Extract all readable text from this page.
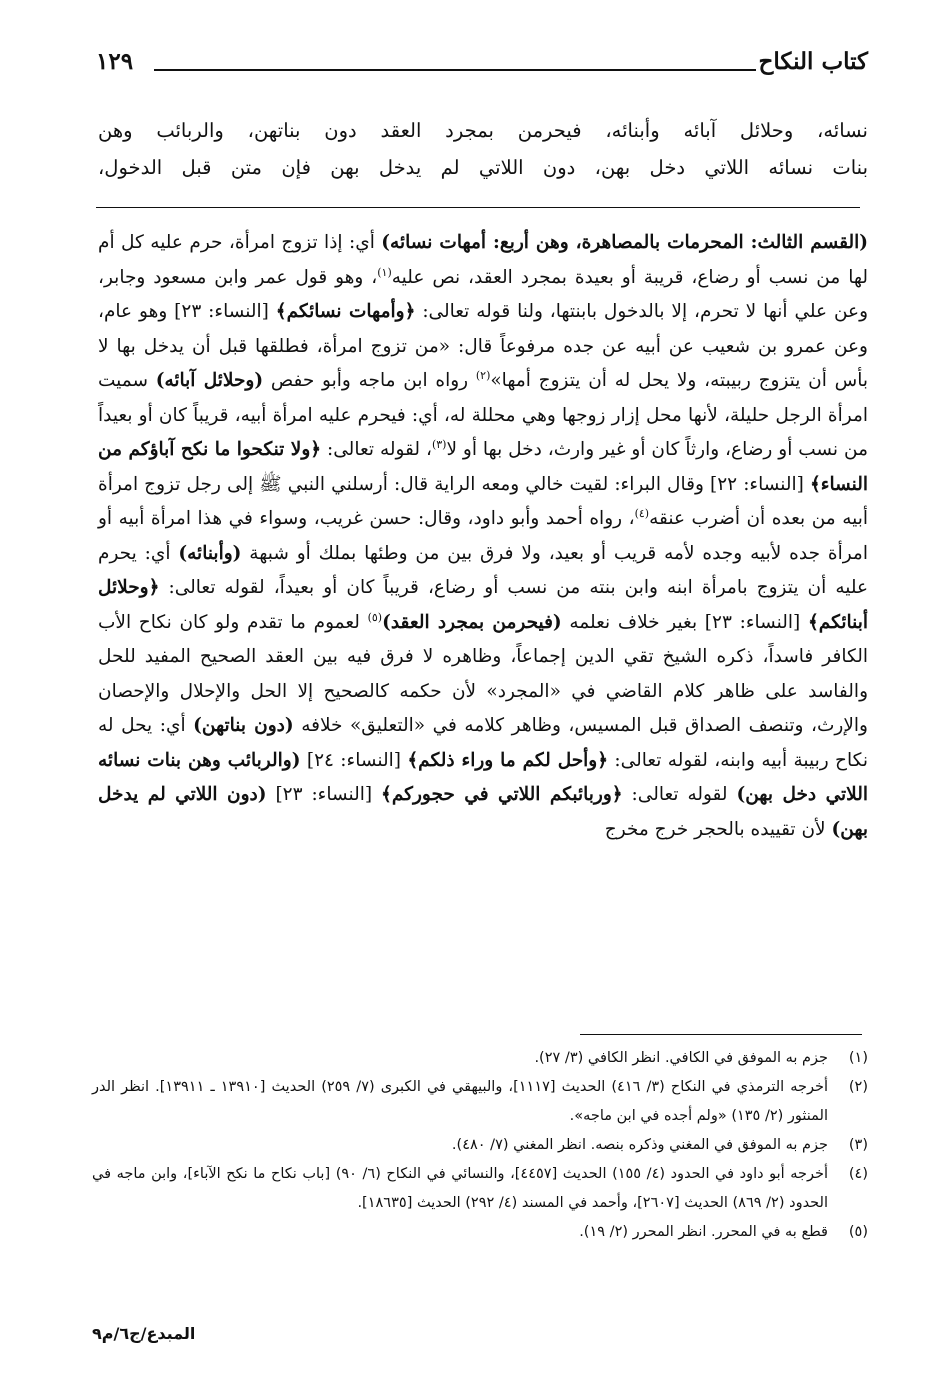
كتاب النكاح
١٢٩

نسائه، وحلائل آبائه وأبنائه، فيحرمن بمجرد العقد دون بناتهن، والربائب وهن

بنات نسائه اللاتي دخل بهن، دون اللاتي لم يدخل بهن فإن متن قبل الدخول،

(القسم الثالث: المحرمات بالمصاهرة، وهن أربع: أمهات نسائه) أي: إذا تزوج امرأة، حرم عليه كل أم لها من نسب أو رضاع، قريبة أو بعيدة بمجرد العقد، نص عليه$^{(١)}$، وهو قول عمر وابن مسعود وجابر، وعن علي أنها لا تحرم، إلا بالدخول بابنتها، ولنا قوله تعالى: ﴿وأمهات نسائكم﴾ [النساء: ٢٣] وهو عام، وعن عمرو بن شعيب عن أبيه عن جده مرفوعاً قال: «من تزوج امرأة، فطلقها قبل أن يدخل بها لا بأس أن يتزوج ربيبته، ولا يحل له أن يتزوج أمها»$^{(٢)}$ رواه ابن ماجه وأبو حفص (وحلائل آبائه) سميت امرأة الرجل حليلة، لأنها محل إزار زوجها وهي محللة له، أي: فيحرم عليه امرأة أبيه، قريباً كان أو بعيداً من نسب أو رضاع، وارثاً كان أو غير وارث، دخل بها أو لا$^{(٣)}$، لقوله تعالى: ﴿ولا تنكحوا ما نكح آباؤكم من النساء﴾ [النساء: ٢٢] وقال البراء: لقيت خالي ومعه الراية قال: أرسلني النبي ﷺ إلى رجل تزوج امرأة أبيه من بعده أن أضرب عنقه$^{(٤)}$، رواه أحمد وأبو داود، وقال: حسن غريب، وسواء في هذا امرأة أبيه أو امرأة جده لأبيه وجده لأمه قريب أو بعيد، ولا فرق بين من وطئها بملك أو شبهة (وأبنائه) أي: يحرم عليه أن يتزوج بامرأة ابنه وابن بنته من نسب أو رضاع، قريباً كان أو بعيداً، لقوله تعالى: ﴿وحلائل أبنائكم﴾ [النساء: ٢٣] بغير خلاف نعلمه (فيحرمن بمجرد العقد)$^{(٥)}$ لعموم ما تقدم ولو كان نكاح الأب الكافر فاسداً، ذكره الشيخ تقي الدين إجماعاً، وظاهره لا فرق فيه بين العقد الصحيح المفيد للحل والفاسد على ظاهر كلام القاضي في «المجرد» لأن حكمه كالصحيح إلا الحل والإحلال والإحصان والإرث، وتنصف الصداق قبل المسيس، وظاهر كلامه في «التعليق» خلافه (دون بناتهن) أي: يحل له نكاح ربيبة أبيه وابنه، لقوله تعالى: ﴿وأحل لكم ما وراء ذلكم﴾ [النساء: ٢٤] (والربائب وهن بنات نسائه اللاتي دخل بهن) لقوله تعالى: ﴿وربائبكم اللاتي في حجوركم﴾ [النساء: ٢٣] (دون اللاتي لم يدخل بهن) لأن تقييده بالحجر خرج مخرج

(١)
جزم به الموفق في الكافي. انظر الكافي (٣/ ٢٧).
(٢)
أخرجه الترمذي في النكاح (٣/ ٤١٦) الحديث [١١١٧]، والبيهقي في الكبرى (٧/ ٢٥٩) الحديث [١٣٩١٠ ـ ١٣٩١١]. انظر الدر المنثور (٢/ ١٣٥) «ولم أجده في ابن ماجه».
(٣)
جزم به الموفق في المغني وذكره بنصه. انظر المغني (٧/ ٤٨٠).
(٤)
أخرجه أبو داود في الحدود (٤/ ١٥٥) الحديث [٤٤٥٧]، والنسائي في النكاح (٦/ ٩٠) [باب نكاح ما نكح الآباء]، وابن ماجه في الحدود (٢/ ٨٦٩) الحديث [٢٦٠٧]، وأحمد في المسند (٤/ ٢٩٢) الحديث [١٨٦٣٥].
(٥)
قطع به في المحرر. انظر المحرر (٢/ ١٩).
المبدع/ج٦/م٩
